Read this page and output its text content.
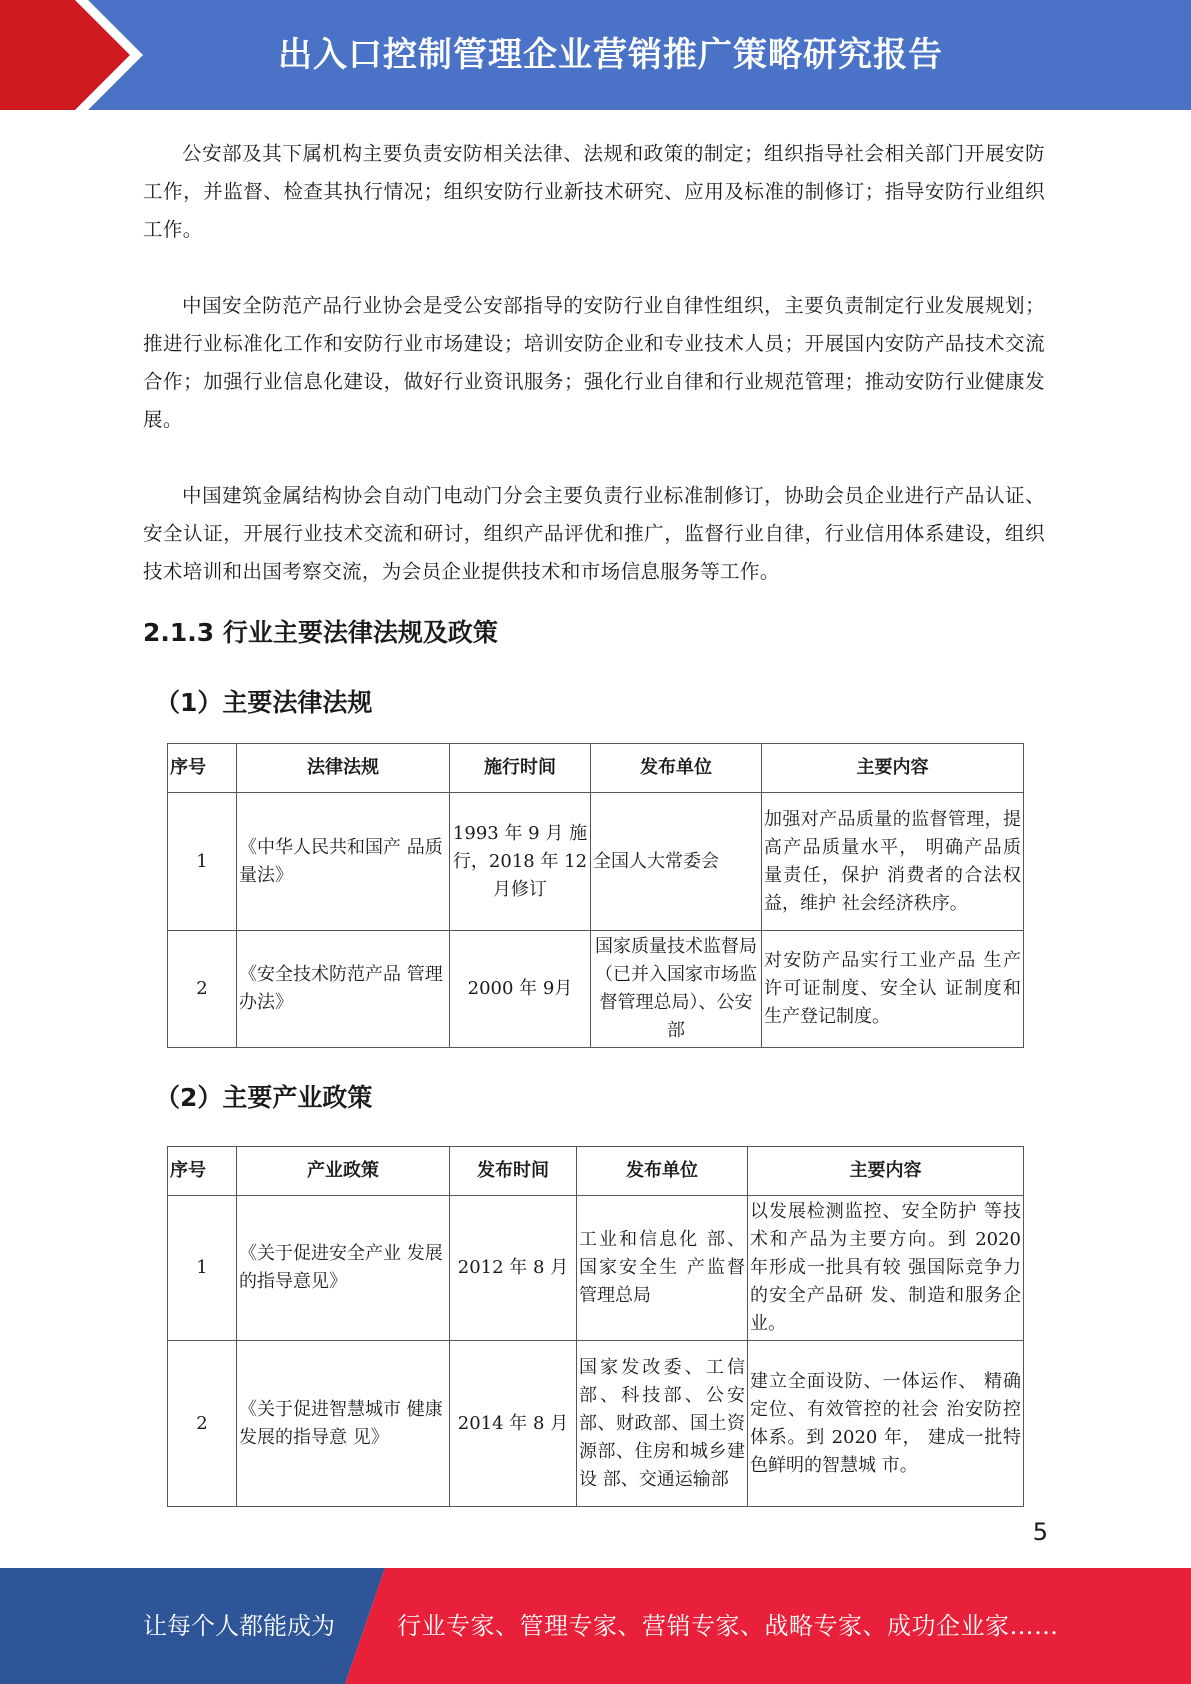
出入口控制管理企业营销推广策略研究报告

公安部及其下属机构主要负责安防相关法律、法规和政策的制定；组织指导社会相关部门开展安防工作，并监督、检查其执行情况；组织安防行业新技术研究、应用及标准的制修订；指导安防行业组织工作。

中国安全防范产品行业协会是受公安部指导的安防行业自律性组织，主要负责制定行业发展规划；推进行业标准化工作和安防行业市场建设；培训安防企业和专业技术人员；开展国内安防产品技术交流合作；加强行业信息化建设，做好行业资讯服务；强化行业自律和行业规范管理；推动安防行业健康发展。

中国建筑金属结构协会自动门电动门分会主要负责行业标准制修订，协助会员企业进行产品认证、安全认证，开展行业技术交流和研讨，组织产品评优和推广，监督行业自律，行业信用体系建设，组织技术培训和出国考察交流，为会员企业提供技术和市场信息服务等工作。

2.1.3 行业主要法律法规及政策
（1）主要法律法规
序号	法律法规	施行时间	发布单位	主要内容
1	《中华人民共和国产 品质量法》	1993 年 9 月 施行，2018 年 12 月修订	全国人大常委会	加强对产品质量的监督管理，提高产品质量水平， 明确产品质量责任，保护 消费者的合法权益，维护 社会经济秩序。
2	《安全技术防范产品 管理办法》	2000 年 9月	国家质量技术监督局（已并入国家市场监督管理总局）、公安部	对安防产品实行工业产品 生产许可证制度、安全认 证制度和生产登记制度。
（2）主要产业政策
序号	产业政策	发布时间	发布单位	主要内容
1	《关于促进安全产业 发展的指导意见》	2012 年 8 月	工业和信息化 部、国家安全生 产监督管理总局	以发展检测监控、安全防护 等技术和产品为主要方向。到 2020 年形成一批具有较 强国际竞争力的安全产品研 发、制造和服务企业。
2	《关于促进智慧城市 健康发展的指导意 见》	2014 年 8 月	国家发改委、工信部、科技部、公安部、财政部、国土资源部、住房和城乡建设 部、交通运输部	建立全面设防、一体运作、 精确定位、有效管控的社会 治安防控体系。到 2020 年， 建成一批特色鲜明的智慧城 市。
5
让每个人都能成为	行业专家、管理专家、营销专家、战略专家、成功企业家……
